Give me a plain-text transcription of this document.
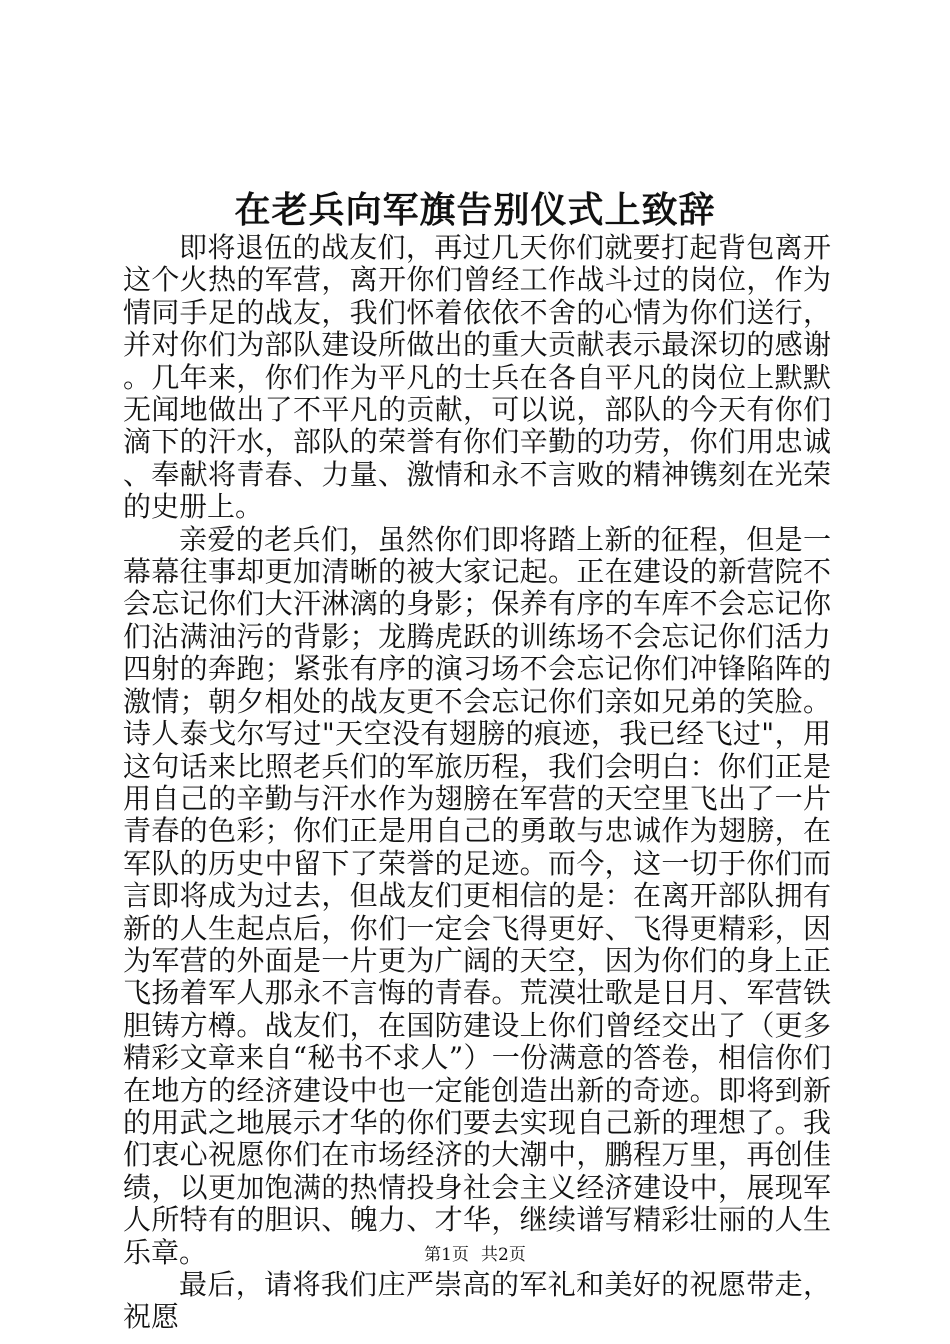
在老兵向军旗告别仪式上致辞

即将退伍的战友们，再过几天你们就要打起背包离开这个火热的军营，离开你们曾经工作战斗过的岗位，作为情同手足的战友，我们怀着依依不舍的心情为你们送行，并对你们为部队建设所做出的重大贡献表示最深切的感谢。几年来，你们作为平凡的士兵在各自平凡的岗位上默默无闻地做出了不平凡的贡献，可以说，部队的今天有你们滴下的汗水，部队的荣誉有你们辛勤的功劳，你们用忠诚、奉献将青春、力量、激情和永不言败的精神镌刻在光荣的史册上。

亲爱的老兵们，虽然你们即将踏上新的征程，但是一幕幕往事却更加清晰的被大家记起。正在建设的新营院不会忘记你们大汗淋漓的身影；保养有序的车库不会忘记你们沾满油污的背影；龙腾虎跃的训练场不会忘记你们活力四射的奔跑；紧张有序的演习场不会忘记你们冲锋陷阵的激情；朝夕相处的战友更不会忘记你们亲如兄弟的笑脸。诗人泰戈尔写过"天空没有翅膀的痕迹，我已经飞过"，用这句话来比照老兵们的军旅历程，我们会明白：你们正是用自己的辛勤与汗水作为翅膀在军营的天空里飞出了一片青春的色彩；你们正是用自己的勇敢与忠诚作为翅膀，在军队的历史中留下了荣誉的足迹。而今，这一切于你们而言即将成为过去，但战友们更相信的是：在离开部队拥有新的人生起点后，你们一定会飞得更好、飞得更精彩，因为军营的外面是一片更为广阔的天空，因为你们的身上正飞扬着军人那永不言悔的青春。荒漠壮歌是日月、军营铁胆铸方樽。战友们，在国防建设上你们曾经交出了（更多精彩文章来自“秘书不求人”）一份满意的答卷，相信你们在地方的经济建设中也一定能创造出新的奇迹。即将到新的用武之地展示才华的你们要去实现自己新的理想了。我们衷心祝愿你们在市场经济的大潮中，鹏程万里，再创佳绩，以更加饱满的热情投身社会主义经济建设中，展现军人所特有的胆识、魄力、才华，继续谱写精彩壮丽的人生乐章。

最后，请将我们庄严崇高的军礼和美好的祝愿带走，祝愿

第1页 共2页
